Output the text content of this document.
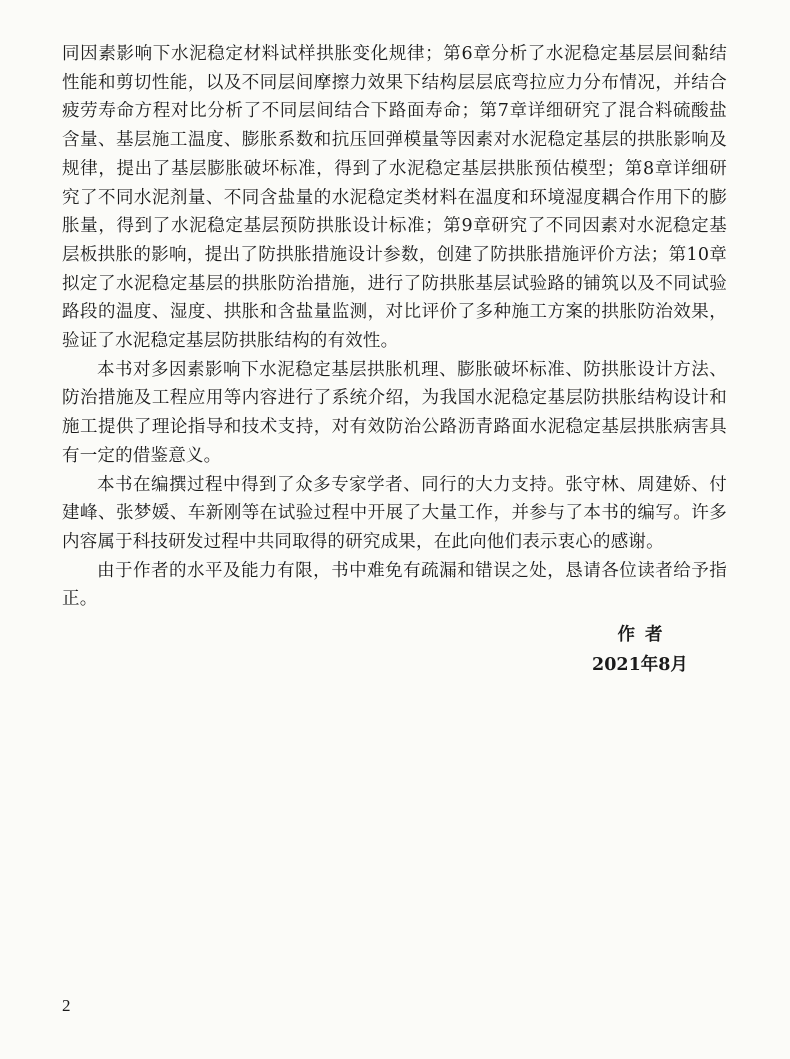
同因素影响下水泥稳定材料试样拱胀变化规律；第6章分析了水泥稳定基层层间黏结性能和剪切性能，以及不同层间摩擦力效果下结构层层底弯拉应力分布情况，并结合疲劳寿命方程对比分析了不同层间结合下路面寿命；第7章详细研究了混合料硫酸盐含量、基层施工温度、膨胀系数和抗压回弹模量等因素对水泥稳定基层的拱胀影响及规律，提出了基层膨胀破坏标准，得到了水泥稳定基层拱胀预估模型；第8章详细研究了不同水泥剂量、不同含盐量的水泥稳定类材料在温度和环境湿度耦合作用下的膨胀量，得到了水泥稳定基层预防拱胀设计标准；第9章研究了不同因素对水泥稳定基层板拱胀的影响，提出了防拱胀措施设计参数，创建了防拱胀措施评价方法；第10章拟定了水泥稳定基层的拱胀防治措施，进行了防拱胀基层试验路的铺筑以及不同试验路段的温度、湿度、拱胀和含盐量监测，对比评价了多种施工方案的拱胀防治效果，验证了水泥稳定基层防拱胀结构的有效性。

本书对多因素影响下水泥稳定基层拱胀机理、膨胀破坏标准、防拱胀设计方法、防治措施及工程应用等内容进行了系统介绍，为我国水泥稳定基层防拱胀结构设计和施工提供了理论指导和技术支持，对有效防治公路沥青路面水泥稳定基层拱胀病害具有一定的借鉴意义。

本书在编撰过程中得到了众多专家学者、同行的大力支持。张守林、周建娇、付建峰、张梦媛、车新刚等在试验过程中开展了大量工作，并参与了本书的编写。许多内容属于科技研发过程中共同取得的研究成果，在此向他们表示衷心的感谢。

由于作者的水平及能力有限，书中难免有疏漏和错误之处，恳请各位读者给予指正。

作者
2021年8月
2
